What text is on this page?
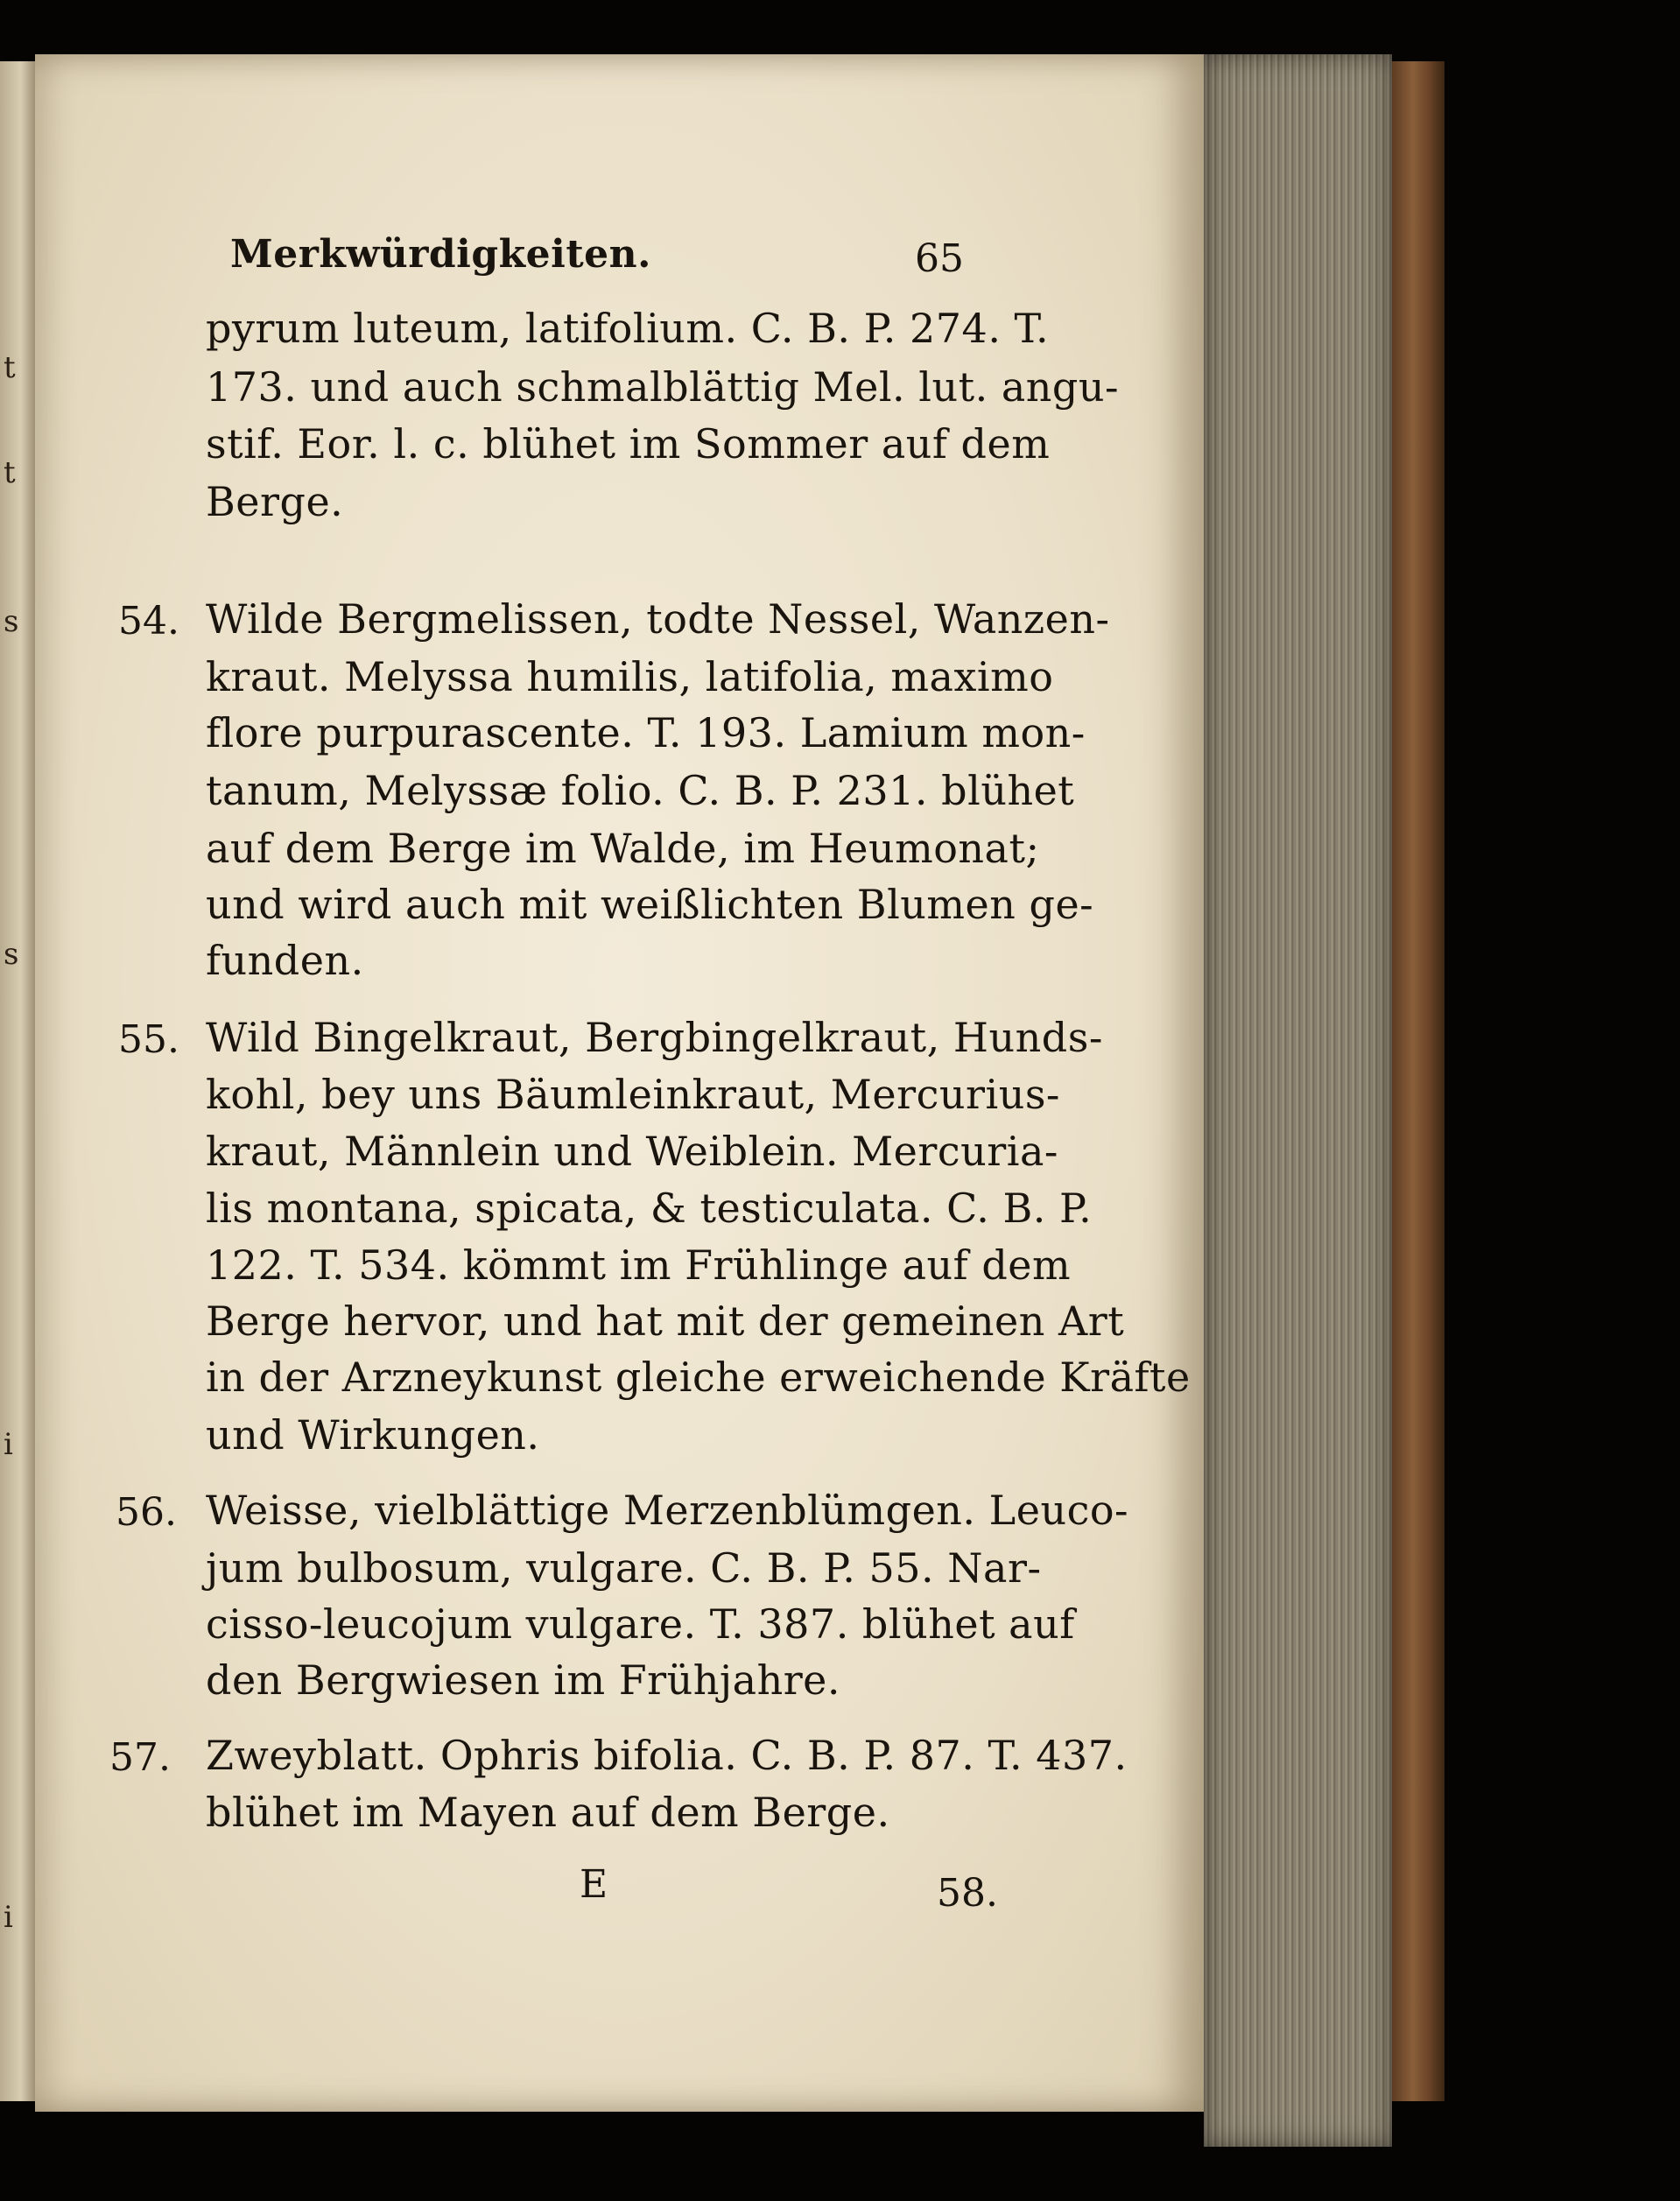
t
t
s
s
i
i
Merkwürdigkeiten.	65
pyrum luteum, latifolium. C. B. P. 274. T.
173. und auch schmalblättig Mel. lut. angu-
stif. Eor. l. c. blühet im Sommer auf dem
Berge.
54. Wilde Bergmelissen, todte Nessel, Wanzen-
kraut. Melyssa humilis, latifolia, maximo
flore purpurascente. T. 193. Lamium mon-
tanum, Melyssæ folio. C. B. P. 231. blühet
auf dem Berge im Walde, im Heumonat;
und wird auch mit weißlichten Blumen ge-
funden.
55. Wild Bingelkraut, Bergbingelkraut, Hunds-
kohl, bey uns Bäumleinkraut, Mercurius-
kraut, Männlein und Weiblein. Mercuria-
lis montana, spicata, & testiculata. C. B. P.
122. T. 534. kömmt im Frühlinge auf dem
Berge hervor, und hat mit der gemeinen Art
in der Arzneykunst gleiche erweichende Kräfte
und Wirkungen.
56. Weisse, vielblättige Merzenblümgen. Leuco-
jum bulbosum, vulgare. C. B. P. 55. Nar-
cisso-leucojum vulgare. T. 387. blühet auf
den Bergwiesen im Frühjahre.
57. Zweyblatt. Ophris bifolia. C. B. P. 87. T. 437.
blühet im Mayen auf dem Berge.
E	58.
